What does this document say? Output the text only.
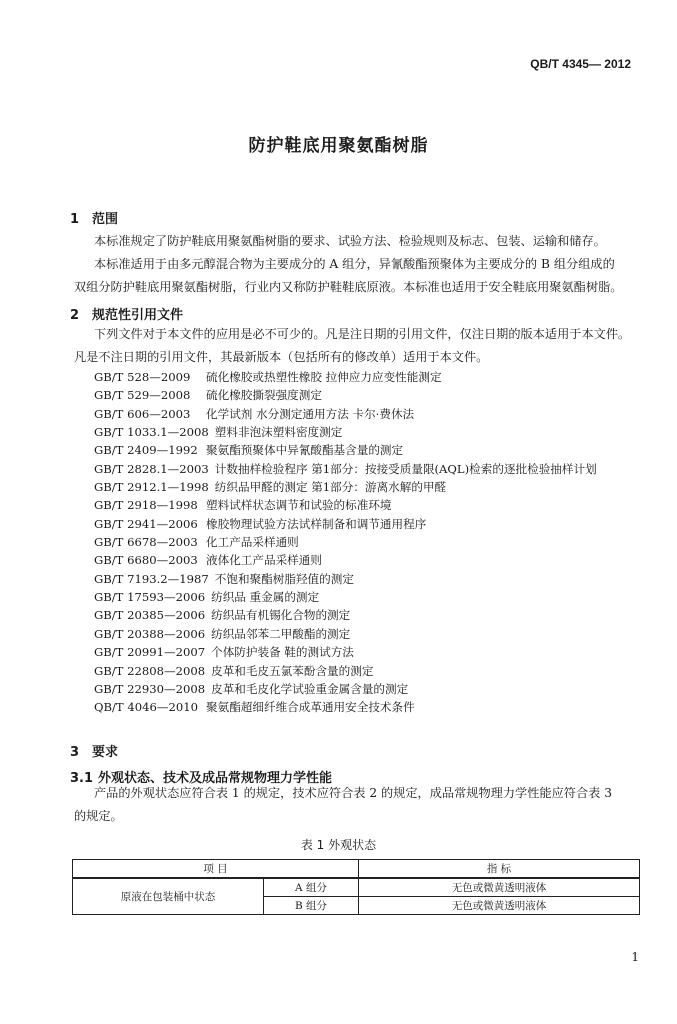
QB/T 4345— 2012
防护鞋底用聚氨酯树脂
1 范围
本标准规定了防护鞋底用聚氨酯树脂的要求、试验方法、检验规则及标志、包装、运输和储存。
本标准适用于由多元醇混合物为主要成分的 A 组分，异氰酸酯预聚体为主要成分的 B 组分组成的
双组分防护鞋底用聚氨酯树脂，行业内又称防护鞋鞋底原液。本标准也适用于安全鞋底用聚氨酯树脂。
2 规范性引用文件
下列文件对于本文件的应用是必不可少的。凡是注日期的引用文件，仅注日期的版本适用于本文件。
凡是不注日期的引用文件，其最新版本（包括所有的修改单）适用于本文件。
GB/T 528—2009 硫化橡胶或热塑性橡胶 拉伸应力应变性能测定
GB/T 529—2008 硫化橡胶撕裂强度测定
GB/T 606—2003 化学试剂 水分测定通用方法 卡尔·费休法
GB/T 1033.1—2008 塑料非泡沫塑料密度测定
GB/T 2409—1992 聚氨酯预聚体中异氰酸酯基含量的测定
GB/T 2828.1—2003 计数抽样检验程序 第1部分：按接受质量限(AQL)检索的逐批检验抽样计划
GB/T 2912.1—1998 纺织品甲醛的测定 第1部分：游离水解的甲醛
GB/T 2918—1998 塑料试样状态调节和试验的标准环境
GB/T 2941—2006 橡胶物理试验方法试样制备和调节通用程序
GB/T 6678—2003 化工产品采样通则
GB/T 6680—2003 液体化工产品采样通则
GB/T 7193.2—1987 不饱和聚酯树脂羟值的测定
GB/T 17593—2006 纺织品 重金属的测定
GB/T 20385—2006 纺织品有机锡化合物的测定
GB/T 20388—2006 纺织品邻苯二甲酸酯的测定
GB/T 20991—2007 个体防护装备 鞋的测试方法
GB/T 22808—2008 皮革和毛皮五氯苯酚含量的测定
GB/T 22930—2008 皮革和毛皮化学试验重金属含量的测定
QB/T 4046—2010 聚氨酯超细纤维合成革通用安全技术条件
3 要求
3.1 外观状态、技术及成品常规物理力学性能
产品的外观状态应符合表 1 的规定，技术应符合表 2 的规定，成品常规物理力学性能应符合表 3
的规定。
表 1 外观状态
项 目		指 标
原液在包装桶中状态	A 组分	无色或微黄透明液体
	B 组分	无色或微黄透明液体
1
